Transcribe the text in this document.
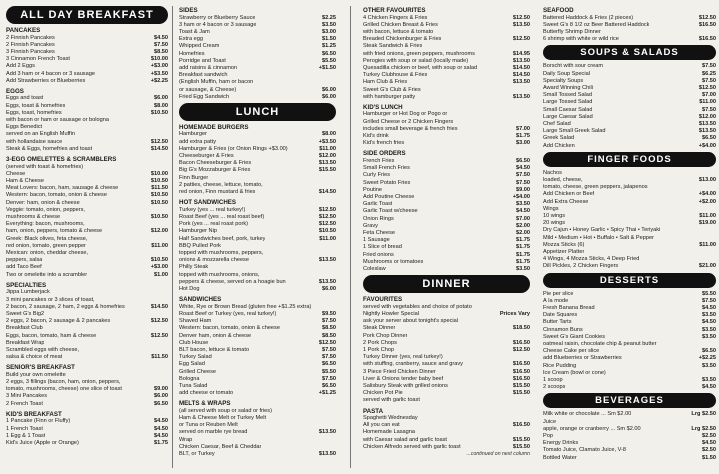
ALL DAY BREAKFAST
PANCAKES
2 Finnish Pancakes	$4.50
2 Finnish Pancakes	$7.50
3 Finnish Pancakes	$8.50
3 Cinnamon French Toast	$10.00
Add 2 Eggs	+$3.00
Add 3 ham or 4 bacon or 3 sausage	+$3.50
Add Strawberries or Blueberries	+$2.25
EGGS
Eggs and toast	$6.00
Eggs, toast & homefries	$8.00
Eggs, toast, homefries	$10.50
with bacon or ham or sausage or bologna
Eggs Benedict
served on an English Muffin
with hollandaise sauce	$12.50
Steak & Eggs, homefries and toast	$14.50
3-EGG OMELETTES & SCRAMBLERS
(served with toast & homefries)
Cheese	$10.00
Ham & Cheese	$10.50
Meat Lovers: bacon, ham, sausage & cheese	$11.50
Western: bacon, tomato, onion & cheese	$10.50
Denver: ham, onion & cheese	$10.50
Veggie: tomato, onion, peppers,
mushrooms & cheese	$10.50
Everything: bacon, mushrooms,
ham, onion, peppers, tomato & cheese	$12.00
Greek: Black olives, feta cheese,
red onion, tomato, green pepper	$11.00
Mexican: onion, cheddar cheese,
peppers, salsa	$10.50
add Taco Beef	+$3.00
Two or omelette into a scrambler	$1.00
SPECIALTIES
Jippa Lumberjack
3 mini pancakes or 3 slices of toast,
2 bacon, 2 sausage, 2 ham, 2 eggs & homefries	$14.50
Sweet G's Big2
2 eggs, 2 bacon, 2 sausage & 2 pancakes	$12.50
Breakfast Club
Eggs, bacon, tomato, ham & cheese	$12.50
Breakfast Wrap
Scrambled eggs with cheese,
salsa & choice of meat	$11.50
SENIOR'S BREAKFAST
Build your own omelette
2 eggs, 3 fillings (bacon, ham, onion, peppers,
tomato, mushrooms, cheese) one slice of toast	$9.00
3 Mini Pancakes	$6.00
2 French Toast	$6.50
KID'S BREAKFAST
1 Pancake (Finn or Fluffy)	$4.50
1 French Toast	$4.50
1 Egg & 1 Toast	$4.50
Kid's Juice (Apple or Orange)	$1.75
SIDES
Strawberry or Blueberry Sauce	$2.25
3 ham or 4 bacon or 3 sausage	$3.50
Toast & Jam	$3.00
Extra egg	$1.50
Whipped Cream	$1.25
Homefries	$6.50
Porridge and Toast	$5.50
add raisins & cinnamon	+$1.50
Breakfast sandwich
(English Muffin, ham or bacon
or sausage, & Cheese)	$6.00
Fried Egg Sandwich	$6.00
LUNCH
HOMEMADE BURGERS
Hamburger	$8.00
add extra patty	+$3.50
Hamburger & Fries (or Onion Rings +$3.00)	$11.00
Cheeseburger & Fries	$12.00
Bacon Cheeseburger & Fries	$13.50
Big G's Mozzaburger & Fries	$15.50
Finn Burger
2 patties, cheese, lettuce, tomato,
red onion, Finn mustard & fries	$14.50
HOT SANDWICHES
Turkey (yes ... real turkey!)	$12.50
Roast Beef (yes ... real roast beef)	$12.50
Pork (yes ... real roast pork)	$12.50
Hamburger Nip	$10.50
Half Sandwiches beef, pork, turkey	$11.00
BBQ Pulled Pork
topped with mushrooms, peppers,
onions & mozzarella cheese	$13.50
Philly Steak
topped with mushrooms, onions,
peppers & cheese, served on a hoagie bun	$13.50
Hot Dog	$6.00
SANDWICHES
White, Rye or Brown Bread (gluten free +$1.25 extra)
Roast Beef or Turkey (yes, real turkey!)	$9.50
Shaved Ham	$7.50
Western: bacon, tomato, onion & cheese	$8.50
Denver ham, onion & cheese	$8.50
Club House	$12.50
BLT bacon, lettuce & tomato	$7.50
Turkey Salad	$7.50
Egg Salad	$6.50
Grilled Cheese	$5.50
Bologna	$7.50
Tuna Salad	$6.50
add cheese or tomato	+$1.25
MELTS & WRAPS
(all served with soup or salad or fries)
Ham & Cheese Melt or Turkey Melt
or Tuna or Reuben Melt
served on marble rye bread	$13.50
Wrap
Chicken Caesar, Beef & Cheddar
BLT, or Turkey	$13.50
OTHER FAVOURITES
4 Chicken Fingers & Fries	$12.50
Grilled Chicken Breast & Fries	$13.50
with bacon, lettuce & tomato
Breaded Chickenburger & Fries	$12.50
Steak Sandwich & Fries
with fried onions, green peppers, mushrooms	$14.95
Perogies with soup or salad (locally made)	$13.50
Quesadilla chicken or beef, with soup or salad	$14.50
Turkey Clubhouse & Fries	$14.50
Ham Club & Fries	$13.50
Sweet G's Club & Fries
with hamburger patty	$13.50
KID'S LUNCH
Hamburger or Hot Dog or Pogo or
Grilled Cheese or 2 Chicken Fingers
includes small beverage & french fries	$7.00
Kid's drink	$1.75
Kid's french fries	$3.00
SIDE ORDERS
French Fries	$6.50
Small French Fries	$4.50
Curly Fries	$7.50
Sweet Potato Fries	$7.50
Poutine	$9.00
Add Poutine Cheese	+$4.00
Garlic Toast	$3.50
Garlic Toast w/cheese	$4.50
Onion Rings	$7.00
Gravy	$2.00
Feta Cheese	$2.00
1 Sausage	$1.75
1 Slice of bread	$1.75
Fried onions	$1.75
Mushrooms or tomatoes	$1.75
Coleslaw	$3.50
DINNER
FAVOURITES
served with vegetables and choice of potato
Nightly Howler Special	Prices Vary
ask your server about tonight's special
Steak Dinner	$18.50
Pork Chop Dinner
2 Pork Chops	$16.50
1 Pork Chop	$12.50
Turkey Dinner (yes, real turkey!)
with stuffing, cranberry, sauce and gravy	$16.50
3 Piece Fried Chicken Dinner	$16.50
Liver & Onions tender baby beef	$16.50
Salisbury Steak with grilled onions	$15.50
Chicken Pot Pie	$15.50
served with garlic toast
PASTA
Spaghetti Wednesday
All you can eat	$16.50
Homemade Lasagna
with Caesar salad and garlic toast	$15.50
Chicken Alfredo served with garlic toast	$15.50
...continued on next column
SEAFOOD
Battered Haddock & Fries (2 pieces)	$12.50
Sweet G's 8 1/2 oz Beer Battered Haddock	$16.50
Butterfly Shrimp Dinner
6 shrimp with white or wild rice	$16.50
SOUPS & SALADS
Borscht with sour cream	$7.50
Daily Soup Special	$6.25
Specialty Soups	$7.50
Award Winning Chili	$12.50
Small Tossed Salad	$7.00
Large Tossed Salad	$11.00
Small Caesar Salad	$7.50
Large Caesar Salad	$12.00
Chef Salad	$13.50
Large Small Greek Salad	$13.50
Greek Salad	$6.50
Add Chicken	+$4.00
FINGER FOODS
Nachos
loaded, cheese,	$13.00
tomato, cheese, green peppers, jalapenos
Add Chicken or Beef	+$4.00
Add Extra Cheese	+$2.00
Wings
10 wings	$11.00
20 wings	$19.00
Dry Cajun • Honey Garlic • Spicy Thai • Teriyaki
Mild • Medium • Hot • Buffalo • Salt & Pepper
Mozza Sticks (6)	$11.00
Appetizer Platter
4 Wings, 4 Mozza Sticks, 4 Deep Fried
Dill Pickles, 2 Chicken Fingers	$21.00
DESSERTS
Pie per slice	$5.50
À la mode	$7.50
Fresh Banana Bread	$4.50
Date Squares	$3.50
Butter Tarts	$4.50
Cinnamon Buns	$3.50
Sweet G's Giant Cookies	$3.50
oatmeal raisin, chocolate chip & peanut butter
Cheese Cake per slice	$6.50
add Blueberries or Strawberries	+$2.25
Rice Pudding	$3.50
Ice Cream (bowl or cone)
1 scoop	$3.50
2 scoops	$4.50
BEVERAGES
Milk white or chocolate ... Sm $2.00	Lrg $2.50
Juice
apple, orange or cranberry ... Sm $2.00	Lrg $2.50
Pop	$2.50
Energy Drinks	$4.50
Tomato Juice, Clamato Juice, V-8	$2.50
Bottled Water	$1.50
